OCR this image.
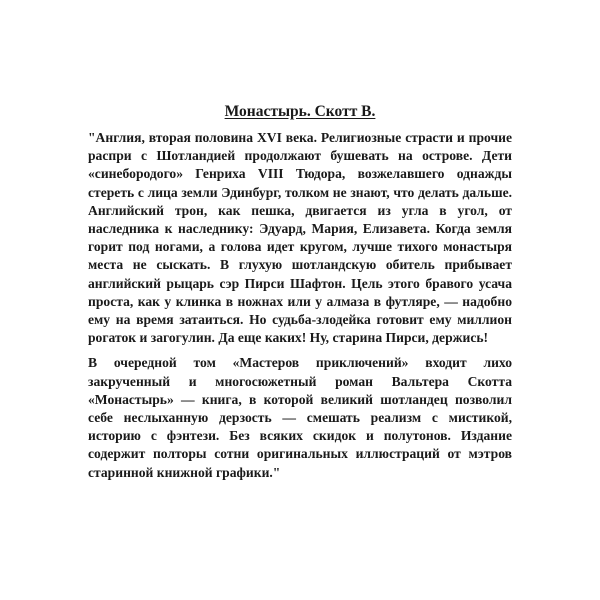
Монастырь. Скотт В.

"Англия, вторая половина XVI века. Религиозные страсти и прочие распри с Шотландией продолжают бушевать на острове. Дети «синебородого» Генриха VIII Тюдора, возжелавшего однажды стереть с лица земли Эдинбург, толком не знают, что делать дальше. Английский трон, как пешка, двигается из угла в угол, от наследника к наследнику: Эдуард, Мария, Елизавета. Когда земля горит под ногами, а голова идет кругом, лучше тихого монастыря места не сыскать. В глухую шотландскую обитель прибывает английский рыцарь сэр Пирси Шафтон. Цель этого бравого усача проста, как у клинка в ножнах или у алмаза в футляре, — надобно ему на время затаиться. Но судьба-злодейка готовит ему миллион рогаток и загогулин. Да еще каких! Ну, старина Пирси, держись!

В очередной том «Мастеров приключений» входит лихо закрученный и многосюжетный роман Вальтера Скотта «Монастырь» — книга, в которой великий шотландец позволил себе неслыханную дерзость — смешать реализм с мистикой, историю с фэнтези. Без всяких скидок и полутонов. Издание содержит полторы сотни оригинальных иллюстраций от мэтров старинной книжной графики."
